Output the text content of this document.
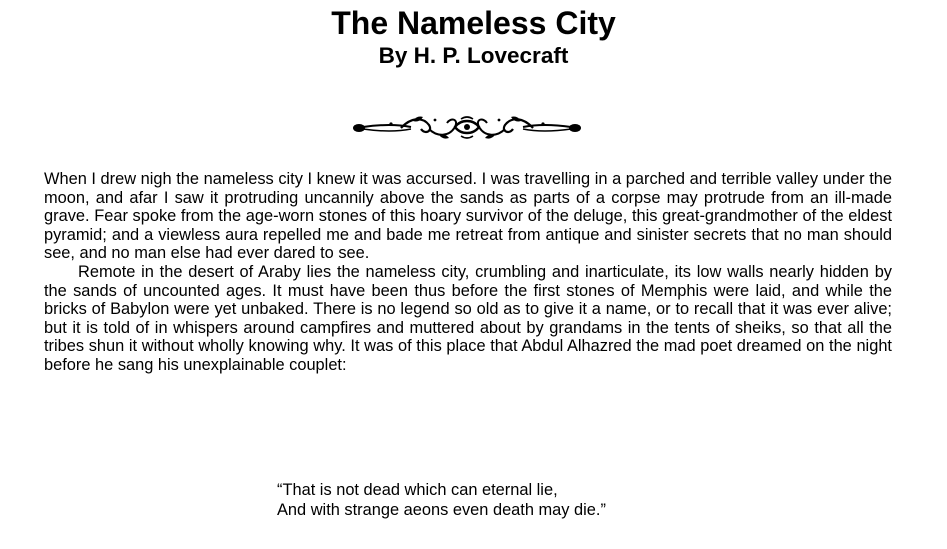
The Nameless City
By H. P. Lovecraft

When I drew nigh the nameless city I knew it was accursed. I was travelling in a parched and terrible valley under the moon, and afar I saw it protruding uncannily above the sands as parts of a corpse may protrude from an ill-made grave. Fear spoke from the age-worn stones of this hoary survivor of the deluge, this great-grandmother of the eldest pyramid; and a viewless aura repelled me and bade me retreat from antique and sinister secrets that no man should see, and no man else had ever dared to see.

Remote in the desert of Araby lies the nameless city, crumbling and inarticulate, its low walls nearly hidden by the sands of uncounted ages. It must have been thus before the first stones of Memphis were laid, and while the bricks of Babylon were yet unbaked. There is no legend so old as to give it a name, or to recall that it was ever alive; but it is told of in whispers around campfires and muttered about by grandams in the tents of sheiks, so that all the tribes shun it without wholly knowing why. It was of this place that Abdul Alhazred the mad poet dreamed on the night before he sang his unexplainable couplet:

“That is not dead which can eternal lie,
And with strange aeons even death may die.”
